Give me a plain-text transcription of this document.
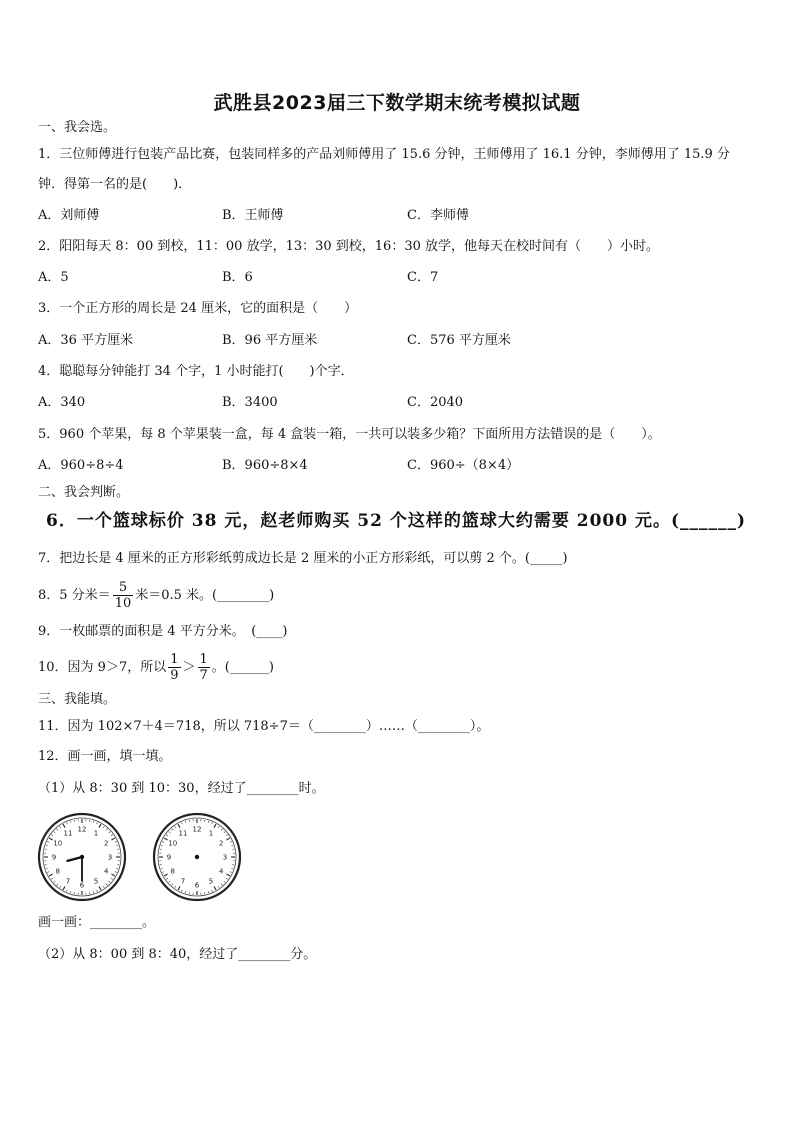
武胜县2023届三下数学期末统考模拟试题
一、我会选。
1．三位师傅进行包装产品比赛，包装同样多的产品刘师傅用了 15.6 分钟，王师傅用了 16.1 分钟，李师傅用了 15.9 分
钟．得第一名的是(　　)．
A．刘师傅	B．王师傅	C．李师傅
2．阳阳每天 8：00 到校，11：00 放学，13：30 到校，16：30 放学，他每天在校时间有（　　）小时。
A．5	B．6	C．7
3．一个正方形的周长是 24 厘米，它的面积是（　　）
A．36 平方厘米	B．96 平方厘米	C．576 平方厘米
4．聪聪每分钟能打 34 个字，1 小时能打(　　)个字．
A．340	B．3400	C．2040
5．960 个苹果，每 8 个苹果装一盒，每 4 盒装一箱，一共可以装多少箱？下面所用方法错误的是（　　）。
A．960÷8÷4	B．960÷8×4	C．960÷（8×4）
二、我会判断。
6．一个篮球标价 38 元，赵老师购买 52 个这样的篮球大约需要 2000 元。(______)
7．把边长是 4 厘米的正方形彩纸剪成边长是 2 厘米的小正方形彩纸，可以剪 2 个。(_____)
8．5 分米＝ $\frac{5}{10}$ 米＝0.5 米。(________)
9．一枚邮票的面积是 4 平方分米。　(____)
10．因为 9＞7，所以 $\frac{1}{9} > \frac{1}{7}$ 。(______)
三、我能填。
11．因为 102×7＋4＝718，所以 718÷7＝（________）……（________）。
12．画一画，填一填。
（1）从 8：30 到 10：30，经过了________时。
12 1
2
3
4
5
6
7
8
9
10
11	12 1
2
3
4
5
6
7
8
9
10
11
画一画：________。
（2）从 8：00 到 8：40，经过了________分。
